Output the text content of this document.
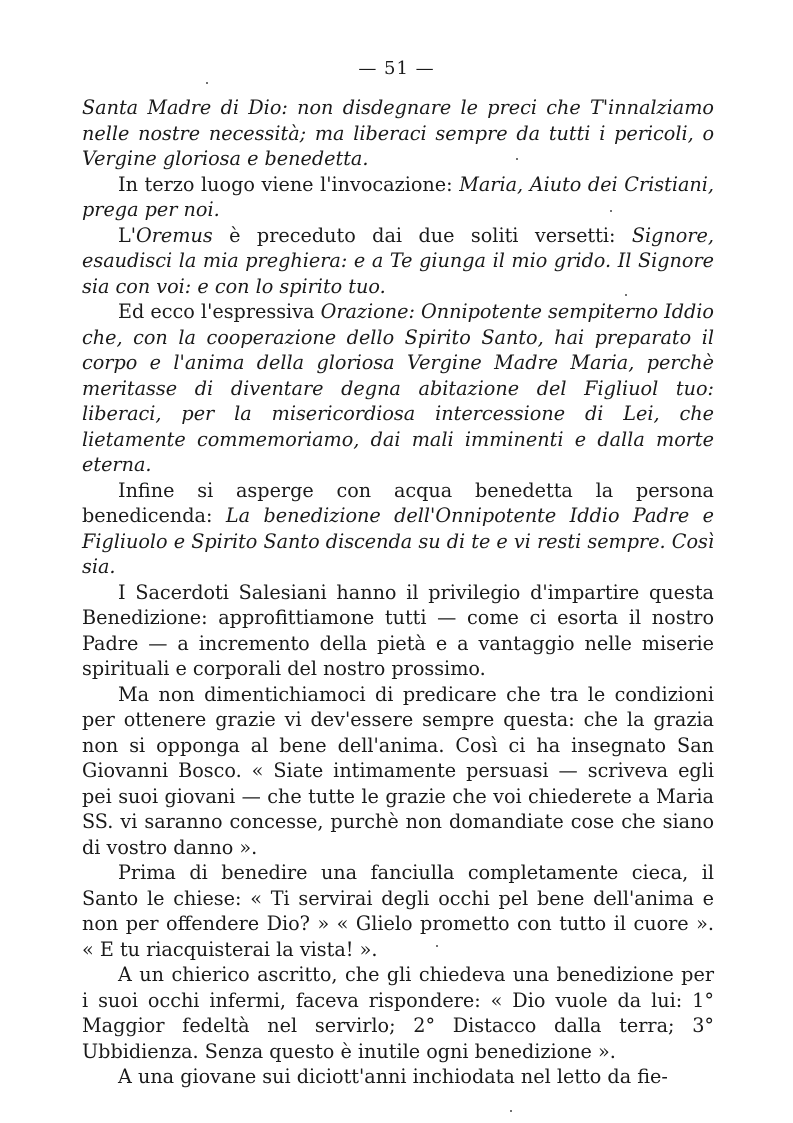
— 51 —

Santa Madre di Dio: non disdegnare le preci che T'innalziamo nelle nostre necessità; ma liberaci sempre da tutti i pericoli, o Vergine gloriosa e benedetta.

In terzo luogo viene l'invocazione: Maria, Aiuto dei Cristiani, prega per noi.

L'Oremus è preceduto dai due soliti versetti: Signore, esaudisci la mia preghiera: e a Te giunga il mio grido. Il Signore sia con voi: e con lo spirito tuo.

Ed ecco l'espressiva Orazione: Onnipotente sempiterno Iddio che, con la cooperazione dello Spirito Santo, hai preparato il corpo e l'anima della gloriosa Vergine Madre Maria, perchè meritasse di diventare degna abitazione del Figliuol tuo: liberaci, per la misericordiosa intercessione di Lei, che lietamente commemoriamo, dai mali imminenti e dalla morte eterna.

Infine si asperge con acqua benedetta la persona benedicenda: La benedizione dell'Onnipotente Iddio Padre e Figliuolo e Spirito Santo discenda su di te e vi resti sempre. Così sia.

I Sacerdoti Salesiani hanno il privilegio d'impartire questa Benedizione: approfittiamone tutti — come ci esorta il nostro Padre — a incremento della pietà e a vantaggio nelle miserie spirituali e corporali del nostro prossimo.

Ma non dimentichiamoci di predicare che tra le condizioni per ottenere grazie vi dev'essere sempre questa: che la grazia non si opponga al bene dell'anima. Così ci ha insegnato San Giovanni Bosco. « Siate intimamente persuasi — scriveva egli pei suoi giovani — che tutte le grazie che voi chiederete a Maria SS. vi saranno concesse, purchè non domandiate cose che siano di vostro danno ».

Prima di benedire una fanciulla completamente cieca, il Santo le chiese: « Ti servirai degli occhi pel bene dell'anima e non per offendere Dio? » « Glielo prometto con tutto il cuore ». « E tu riacquisterai la vista! ».

A un chierico ascritto, che gli chiedeva una benedizione per i suoi occhi infermi, faceva rispondere: « Dio vuole da lui: 1° Maggior fedeltà nel servirlo; 2° Distacco dalla terra; 3° Ubbidienza. Senza questo è inutile ogni benedizione ».

A una giovane sui diciott'anni inchiodata nel letto da fie-
